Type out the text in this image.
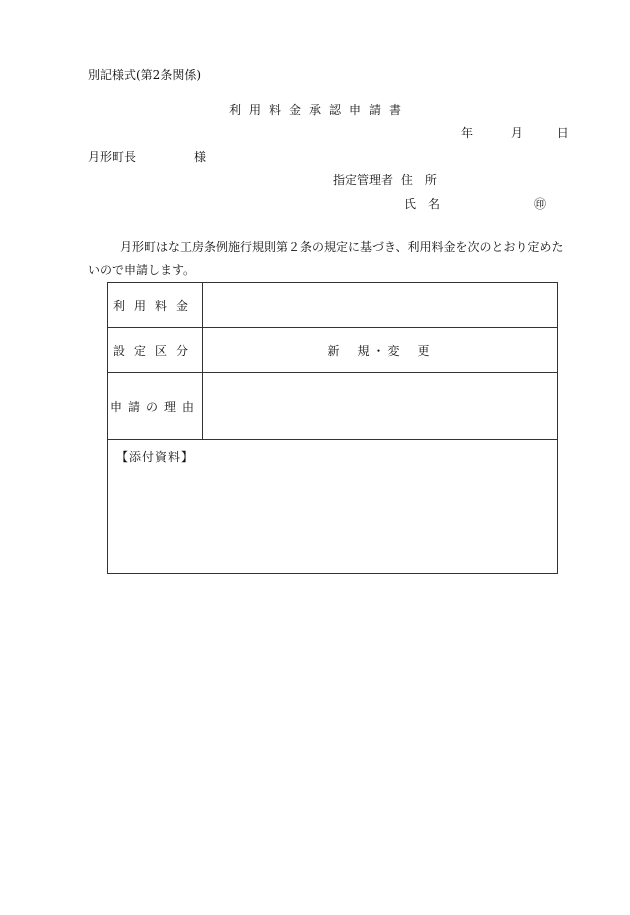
別記様式(第2条関係)
利用料金承認申請書
年	月	日
月形町長	様
指定管理者 住　所
氏　名	㊞
月形町はな工房条例施行規則第２条の規定に基づき、利用料金を次のとおり定めたいので申請します。
利用料金	
設定区分	新　規・変　更
申請の理由	

【添付資料】	
